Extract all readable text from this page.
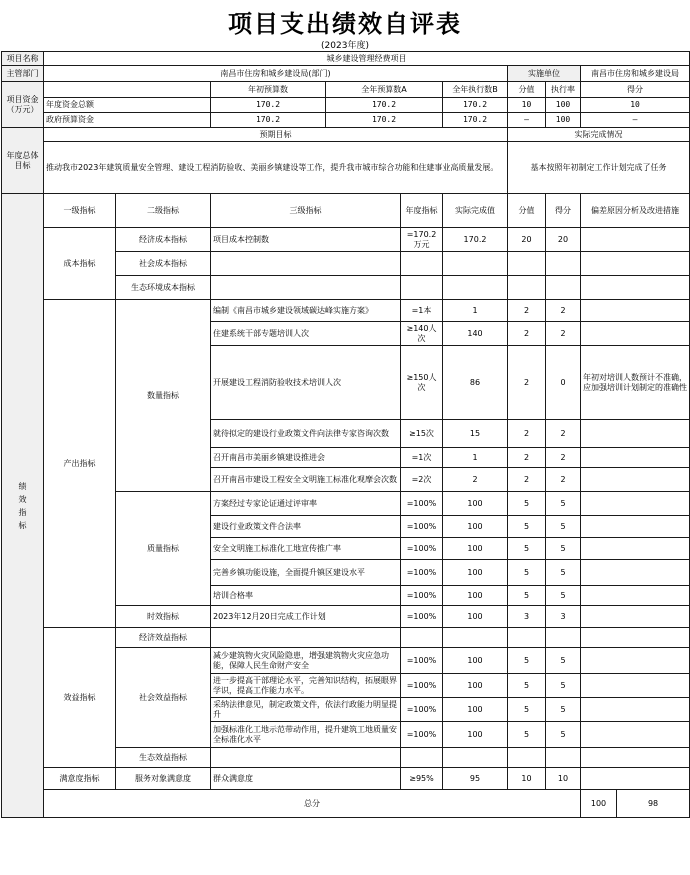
项目支出绩效自评表
(2023年度)
项目名称	城乡建设管理经费项目										
主管部门	南昌市住房和城乡建设局(部门)						实施单位		南昌市住房和城乡建设局		
项目资金（万元）			年初预算数	全年预算数A		全年执行数B	分值	执行率	得分		
	年度资金总额		170.2	170.2		170.2	10	100	10		
	政府预算资金		170.2	170.2		170.2	—	100	—		
年度总体目标	预期目标						实际完成情况				
	推动我市2023年建筑质量安全管理、建设工程消防验收、美丽乡镇建设等工作，提升我市城市综合功能和住建事业高质量发展。						基本按照年初制定工作计划完成了任务				
绩效指标	一级指标	二级指标	三级指标		年度指标	实际完成值	分值	得分	偏差原因分析及改进措施		
	成本指标	经济成本指标	项目成本控制数		=170.2万元	170.2	20	20			
		社会成本指标									
		生态环境成本指标									
	产出指标	数量指标	编制《南昌市城乡建设领域碳达峰实施方案》		=1本	1	2	2			
			住建系统干部专题培训人次		≥140人次	140	2	2			
			开展建设工程消防验收技术培训人次		≥150人次	86	2	0	年初对培训人数预计不准确，应加强培训计划制定的准确性		
			就待拟定的建设行业政策文件向法律专家咨询次数		≥15次	15	2	2			
			召开南昌市美丽乡镇建设推进会		=1次	1	2	2			
			召开南昌市建设工程安全文明施工标准化观摩会次数		=2次	2	2	2			
		质量指标	方案经过专家论证通过评审率		=100%	100	5	5			
			建设行业政策文件合法率		=100%	100	5	5			
			安全文明施工标准化工地宣传推广率		=100%	100	5	5			
			完善乡镇功能设施，全面提升镇区建设水平		=100%	100	5	5			
			培训合格率		=100%	100	5	5			
		时效指标	2023年12月20日完成工作计划		=100%	100	3	3			
	效益指标	经济效益指标									
		社会效益指标	减少建筑物火灾风险隐患，增强建筑物火灾应急功能，保障人民生命财产安全		=100%	100	5	5			
			进一步提高干部理论水平，完善知识结构，拓展眼界学识，提高工作能力水平。		=100%	100	5	5			
			采纳法律意见，制定政策文件，依法行政能力明显提升		=100%	100	5	5			
			加强标准化工地示范带动作用，提升建筑工地质量安全标准化水平		=100%	100	5	5			
		生态效益指标									
	满意度指标	服务对象满意度	群众满意度		≥95%	95	10	10			
	总分								100	98	
